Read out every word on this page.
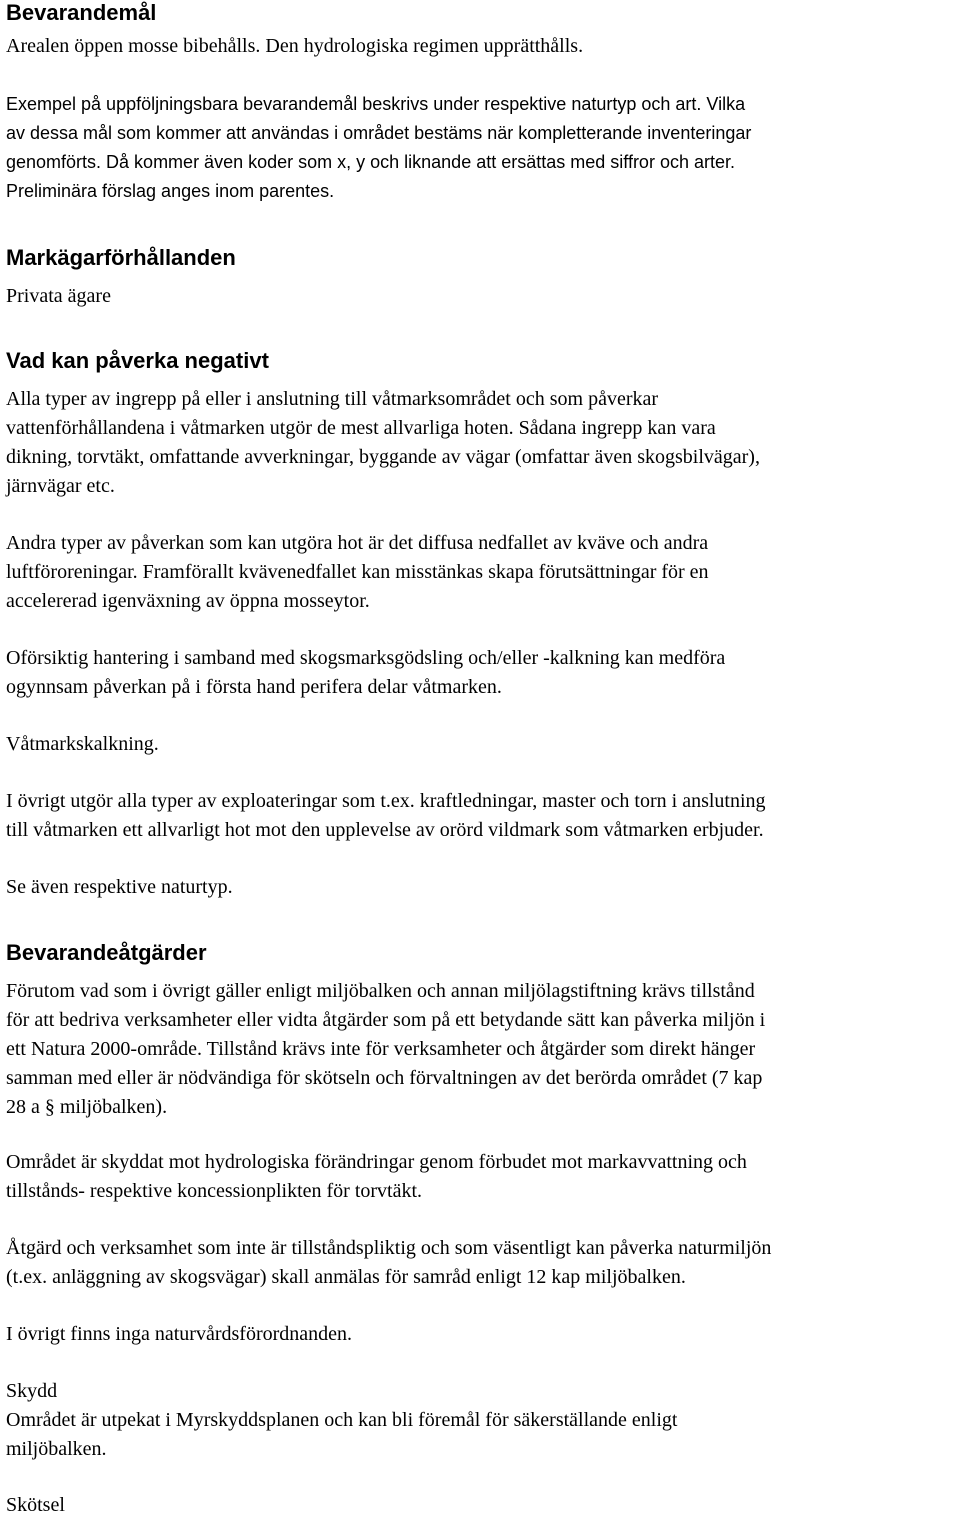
Bevarandemål

Arealen öppen mosse bibehålls. Den hydrologiska regimen upprätthålls.

Exempel på uppföljningsbara bevarandemål beskrivs under respektive naturtyp och art. Vilka

av dessa mål som kommer att användas i området bestäms när kompletterande inventeringar

genomförts. Då kommer även koder som x, y och liknande att ersättas med siffror och arter.

Preliminära förslag anges inom parentes.

Markägarförhållanden

Privata ägare

Vad kan påverka negativt

Alla typer av ingrepp på eller i anslutning till våtmarksområdet och som påverkar

vattenförhållandena i våtmarken utgör de mest allvarliga hoten. Sådana ingrepp kan vara

dikning, torvtäkt, omfattande avverkningar, byggande av vägar (omfattar även skogsbilvägar),

järnvägar etc.

Andra typer av påverkan som kan utgöra hot är det diffusa nedfallet av kväve och andra

luftföroreningar. Framförallt kvävenedfallet kan misstänkas skapa förutsättningar för en

accelererad igenväxning av öppna mosseytor.

Oförsiktig hantering i samband med skogsmarksgödsling och/eller -kalkning kan medföra

ogynnsam påverkan på i första hand perifera delar våtmarken.

Våtmarkskalkning.

I övrigt utgör alla typer av exploateringar som t.ex. kraftledningar, master och torn i anslutning

till våtmarken ett allvarligt hot mot den upplevelse av orörd vildmark som våtmarken erbjuder.

Se även respektive naturtyp.

Bevarandeåtgärder

Förutom vad som i övrigt gäller enligt miljöbalken och annan miljölagstiftning krävs tillstånd

för att bedriva verksamheter eller vidta åtgärder som på ett betydande sätt kan påverka miljön i

ett Natura 2000-område. Tillstånd krävs inte för verksamheter och åtgärder som direkt hänger

samman med eller är nödvändiga för skötseln och förvaltningen av det berörda området (7 kap

28 a § miljöbalken).

Området är skyddat mot hydrologiska förändringar genom förbudet mot markavvattning och

tillstånds- respektive koncessionplikten för torvtäkt.

Åtgärd och verksamhet som inte är tillståndspliktig och som väsentligt kan påverka naturmiljön

(t.ex. anläggning av skogsvägar) skall anmälas för samråd enligt 12 kap miljöbalken.

I övrigt finns inga naturvårdsförordnanden.

Skydd

Området är utpekat i Myrskyddsplanen och kan bli föremål för säkerställande enligt

miljöbalken.

Skötsel
